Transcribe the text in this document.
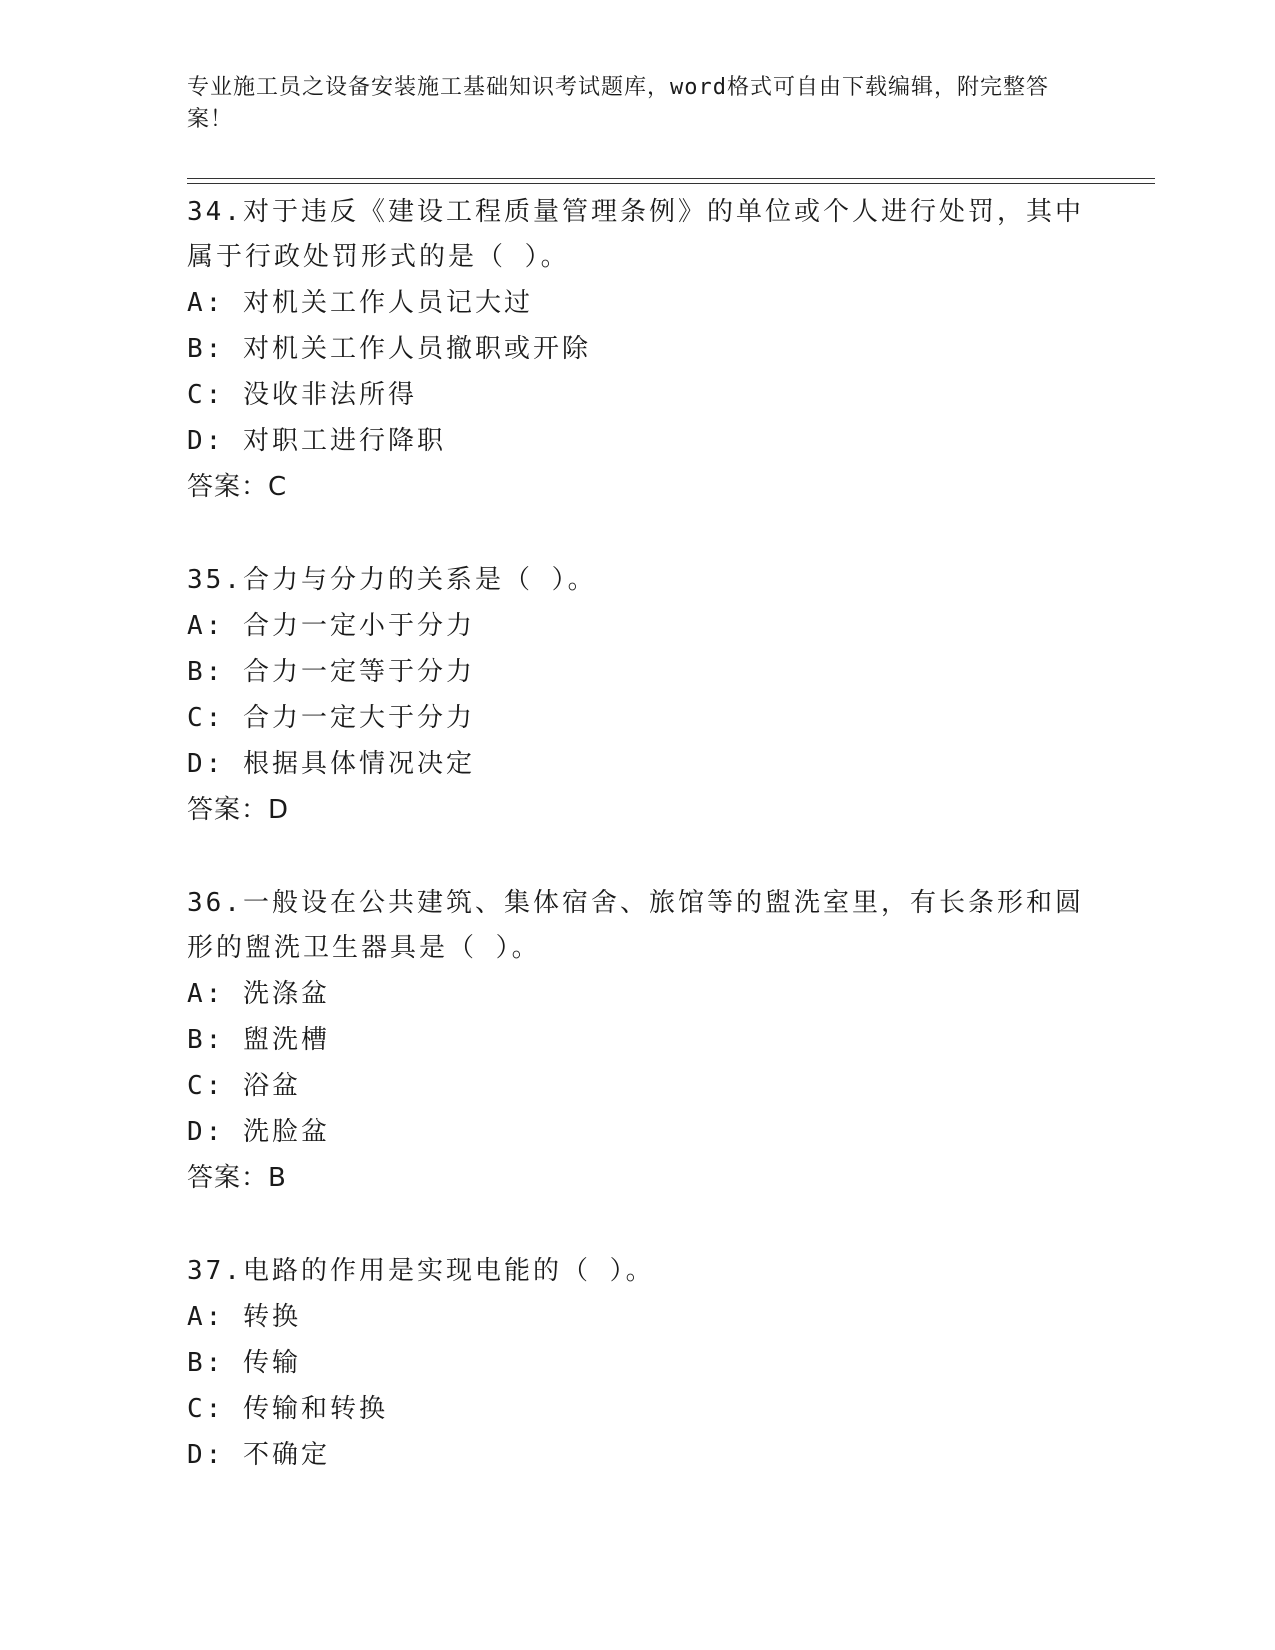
专业施工员之设备安装施工基础知识考试题库，word格式可自由下载编辑，附完整答案！
34.对于违反《建设工程质量管理条例》的单位或个人进行处罚，其中属于行政处罚形式的是（ ）。
A: 对机关工作人员记大过
B: 对机关工作人员撤职或开除
C: 没收非法所得
D: 对职工进行降职
答案：C
35.合力与分力的关系是（ ）。
A: 合力一定小于分力
B: 合力一定等于分力
C: 合力一定大于分力
D: 根据具体情况决定
答案：D
36.一般设在公共建筑、集体宿舍、旅馆等的盥洗室里，有长条形和圆形的盥洗卫生器具是（ ）。
A: 洗涤盆
B: 盥洗槽
C: 浴盆
D: 洗脸盆
答案：B
37.电路的作用是实现电能的（ ）。
A: 转换
B: 传输
C: 传输和转换
D: 不确定
